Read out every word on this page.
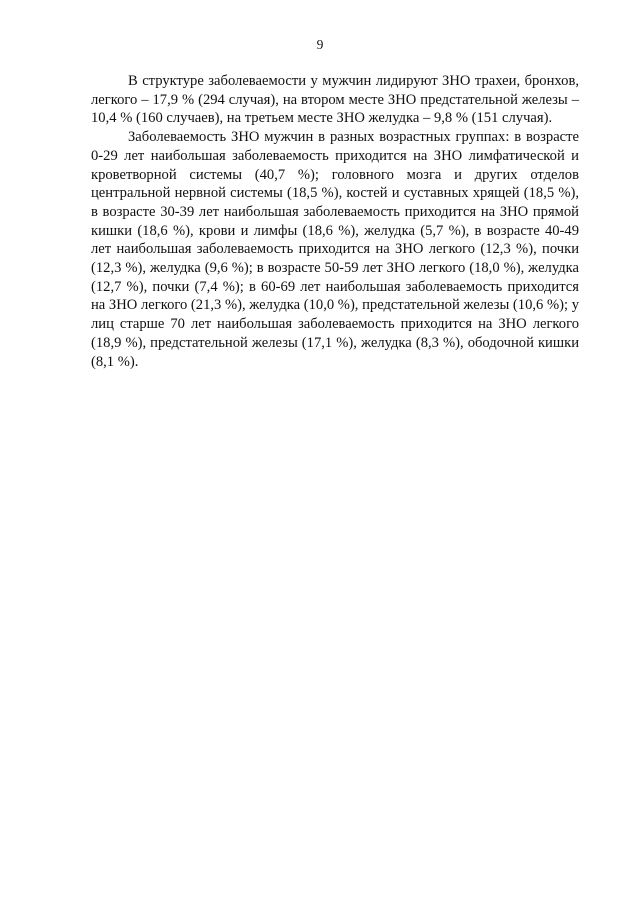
9

В структуре заболеваемости у мужчин лидируют ЗНО трахеи, бронхов, легкого – 17,9 % (294 случая), на втором месте ЗНО предстательной железы – 10,4 % (160 случаев), на третьем месте ЗНО желудка – 9,8 % (151 случая).

Заболеваемость ЗНО мужчин в разных возрастных группах: в возрасте 0-29 лет наибольшая заболеваемость приходится на ЗНО лимфатической и кроветворной системы (40,7 %); головного мозга и других отделов центральной нервной системы (18,5 %), костей и суставных хрящей (18,5 %), в возрасте 30-39 лет наибольшая заболеваемость приходится на ЗНО прямой кишки (18,6 %), крови и лимфы (18,6 %), желудка (5,7 %), в возрасте 40-49 лет наибольшая заболеваемость приходится на ЗНО легкого (12,3 %), почки (12,3 %), желудка (9,6 %); в возрасте 50-59 лет ЗНО легкого (18,0 %), желудка (12,7 %), почки (7,4 %); в 60-69 лет наибольшая заболеваемость приходится на ЗНО легкого (21,3 %), желудка (10,0 %), предстательной железы (10,6 %); у лиц старше 70 лет наибольшая заболеваемость приходится на ЗНО легкого (18,9 %), предстательной железы (17,1 %), желудка (8,3 %), ободочной кишки (8,1 %).
